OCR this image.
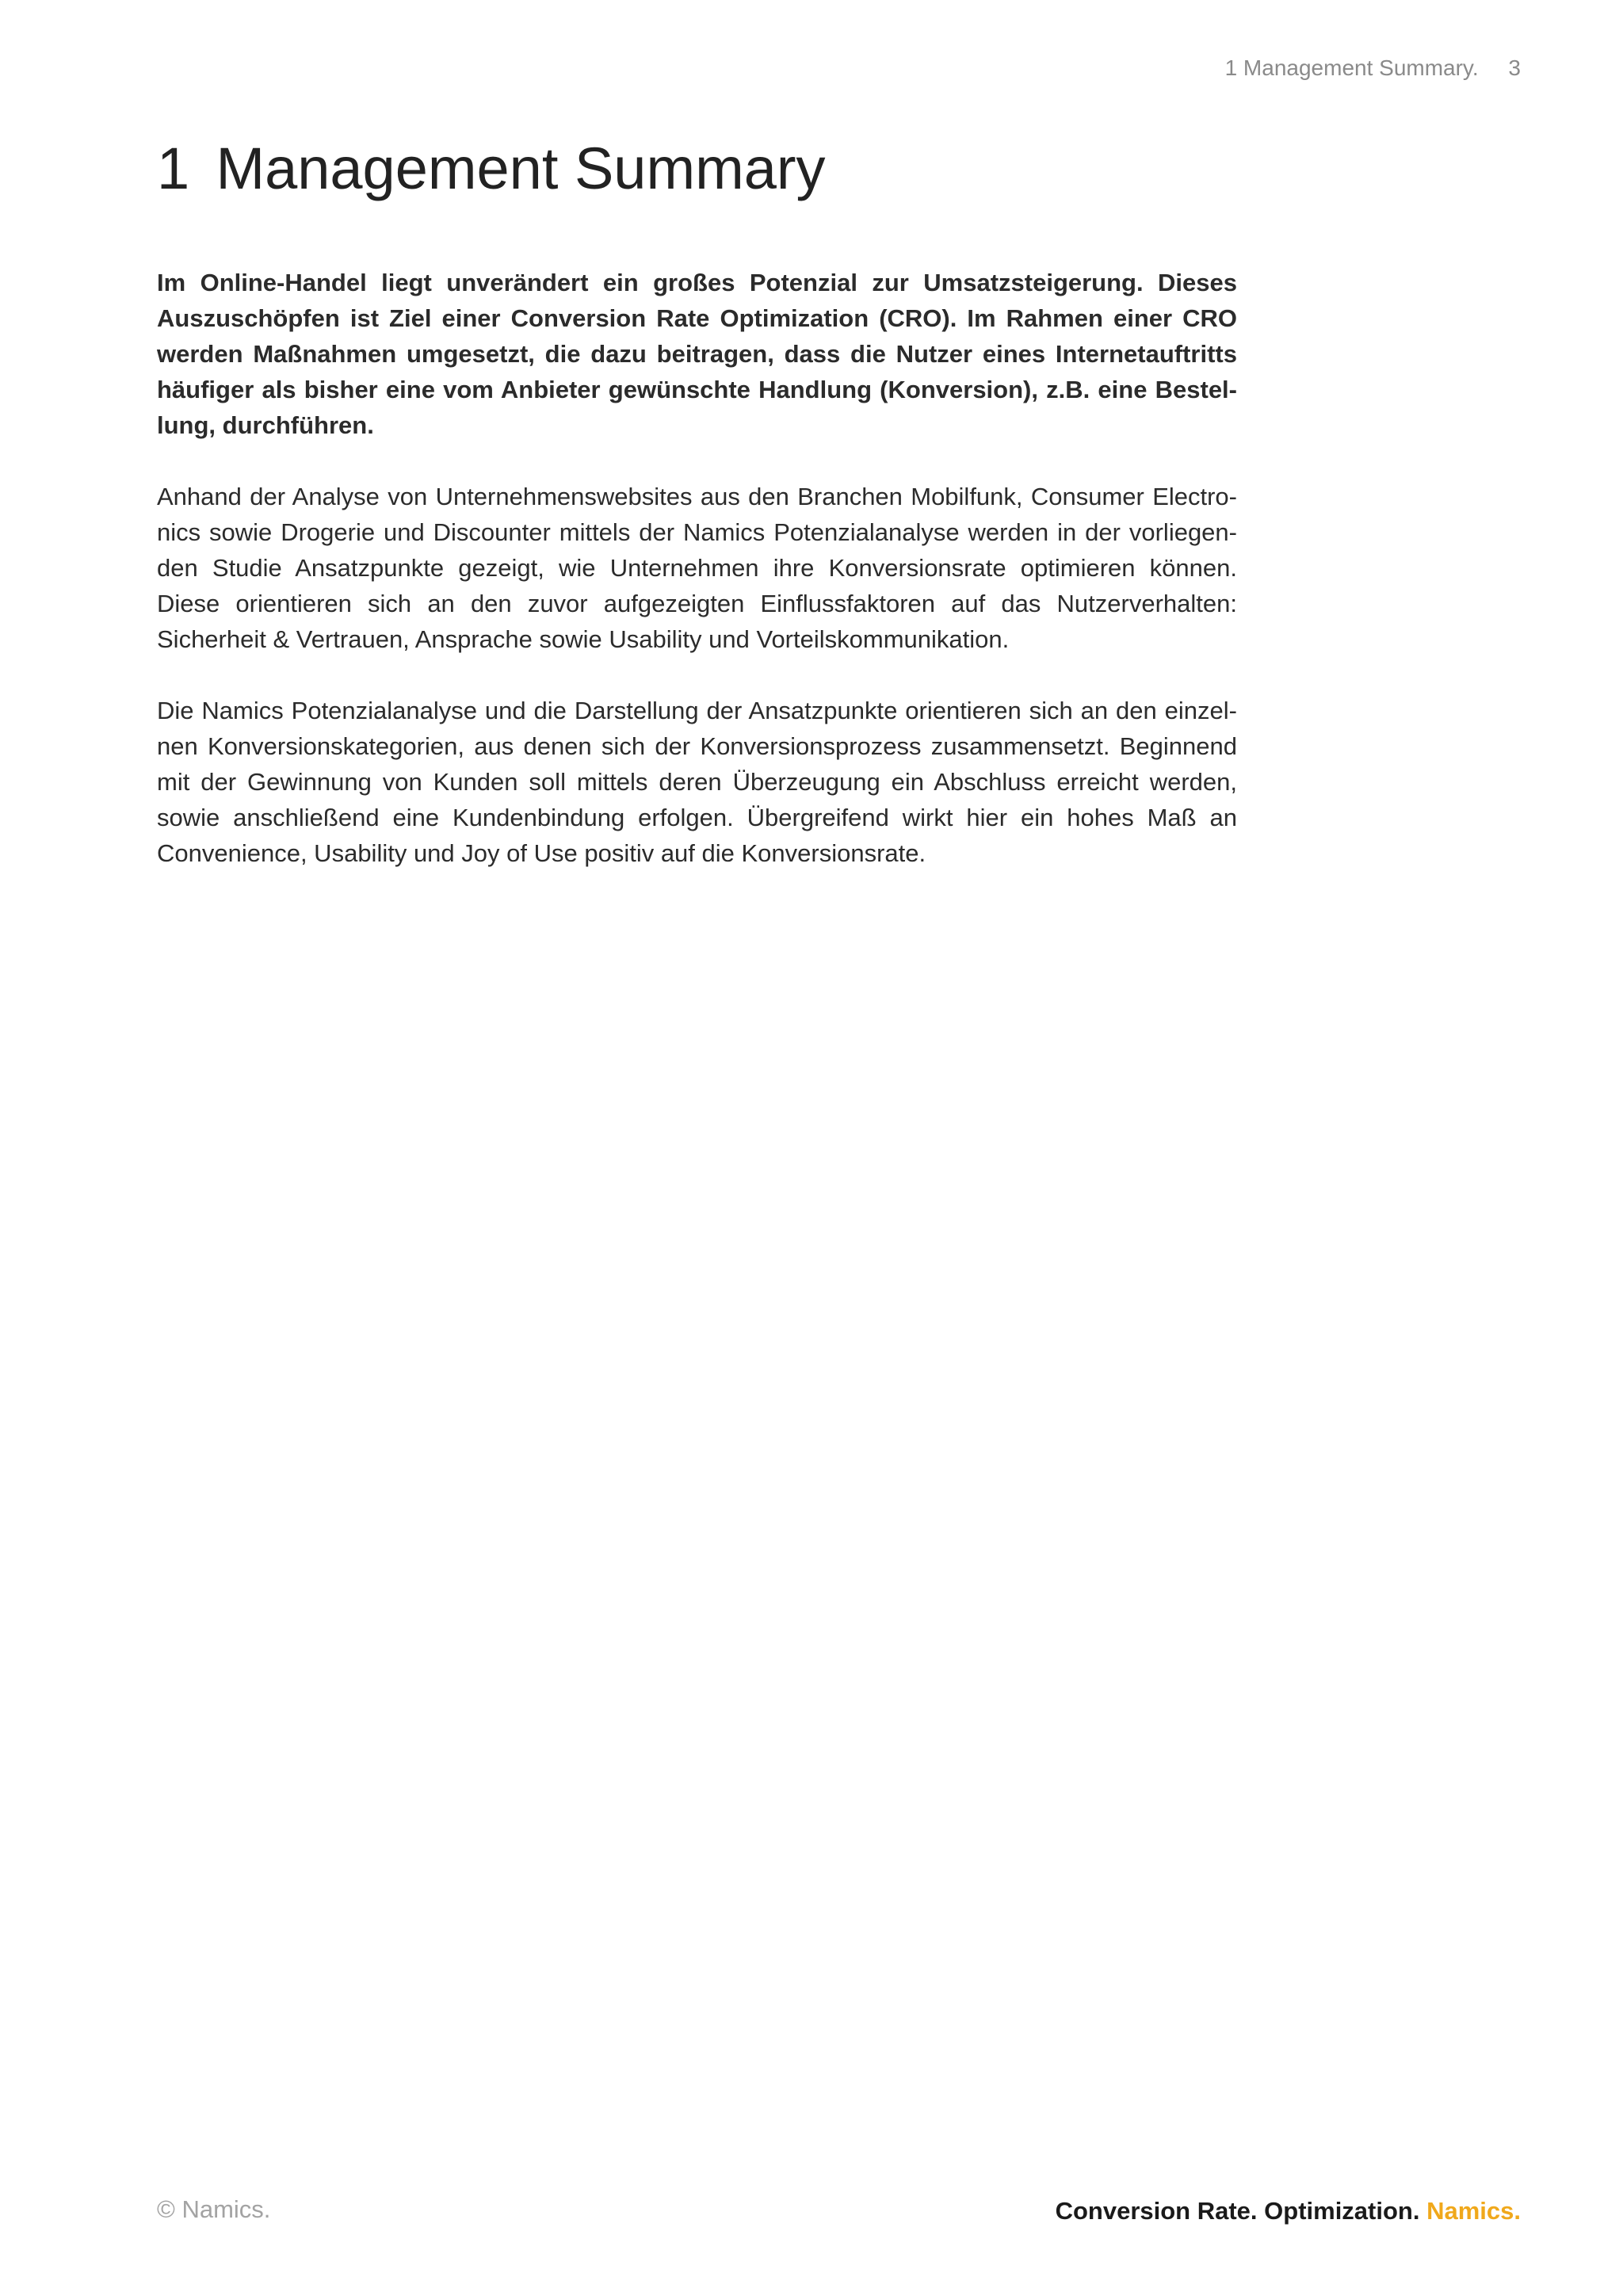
1 Management Summary. 3
1 Management Summary

Im Online-Handel liegt unverändert ein großes Potenzial zur Umsatzsteigerung. Dieses Auszuschöpfen ist Ziel einer Conversion Rate Optimization (CRO). Im Rahmen einer CRO werden Maßnahmen umgesetzt, die dazu beitragen, dass die Nutzer eines Internetauftritts häufiger als bisher eine vom Anbieter gewünschte Handlung (Konversion), z.B. eine Bestellung, durchführen.

Anhand der Analyse von Unternehmenswebsites aus den Branchen Mobilfunk, Consumer Electronics sowie Drogerie und Discounter mittels der Namics Potenzialanalyse werden in der vorliegenden Studie Ansatzpunkte gezeigt, wie Unternehmen ihre Konversionsrate optimieren können. Diese orientieren sich an den zuvor aufgezeigten Einflussfaktoren auf das Nutzerverhalten: Sicherheit & Vertrauen, Ansprache sowie Usability und Vorteilskommunikation.

Die Namics Potenzialanalyse und die Darstellung der Ansatzpunkte orientieren sich an den einzelnen Konversionskategorien, aus denen sich der Konversionsprozess zusammensetzt. Beginnend mit der Gewinnung von Kunden soll mittels deren Überzeugung ein Abschluss erreicht werden, sowie anschließend eine Kundenbindung erfolgen. Übergreifend wirkt hier ein hohes Maß an Convenience, Usability und Joy of Use positiv auf die Konversionsrate.

© Namics.	Conversion Rate. Optimization. Namics.
